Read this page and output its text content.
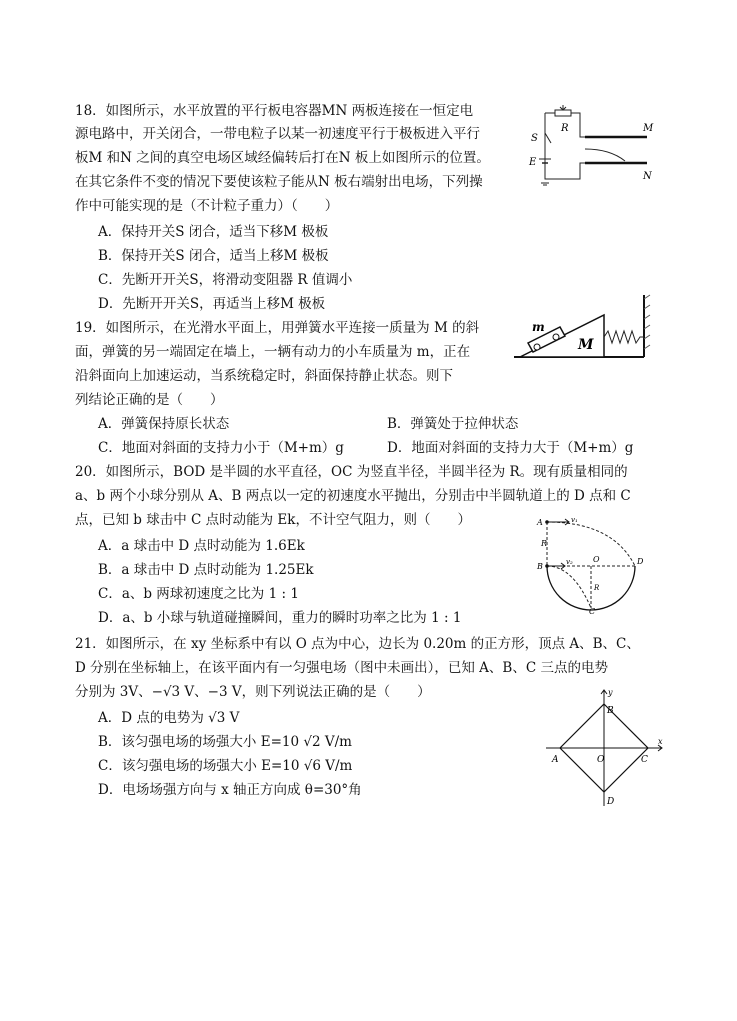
18．如图所示，水平放置的平行板电容器MN 两板连接在一恒定电
源电路中，开关闭合，一带电粒子以某一初速度平行于极板进入平行
板M 和N 之间的真空电场区域经偏转后打在N 板上如图所示的位置。
在其它条件不变的情况下要使该粒子能从N 板右端射出电场，下列操
作中可能实现的是（不计粒子重力）（　　）
A．保持开关S 闭合，适当下移M 极板
B．保持开关S 闭合，适当上移M 极板
C．先断开开关S，将滑动变阻器 R 值调小
D．先断开开关S，再适当上移M 极板
R
S
E
M
N
19．如图所示，在光滑水平面上，用弹簧水平连接一质量为 M 的斜
面，弹簧的另一端固定在墙上，一辆有动力的小车质量为 m，正在
沿斜面向上加速运动，当系统稳定时，斜面保持静止状态。则下
列结论正确的是（　　）
A．弹簧保持原长状态	B．弹簧处于拉伸状态
C．地面对斜面的支持力小于（M+m）g	D．地面对斜面的支持力大于（M+m）g
m
M
20．如图所示，BOD 是半圆的水平直径，OC 为竖直半径，半圆半径为 R。现有质量相同的
a、b 两个小球分别从 A、B 两点以一定的初速度水平抛出，分别击中半圆轨道上的 D 点和 C
点，已知 b 球击中 C 点时动能为 Ek，不计空气阻力，则（　　）
A．a 球击中 D 点时动能为 1.6Ek
B．a 球击中 D 点时动能为 1.25Ek
C．a、b 两球初速度之比为 1 : 1
D．a、b 小球与轨道碰撞瞬间，重力的瞬时功率之比为 1 : 1
A
B
R
O	D
C
R
v₁
v₂
21．如图所示，在 xy 坐标系中有以 O 点为中心，边长为 0.20m 的正方形，顶点 A、B、C、
D 分别在坐标轴上，在该平面内有一匀强电场（图中未画出），已知 A、B、C 三点的电势
分别为 3V、−√3 V、−3 V，则下列说法正确的是（　　）
A．D 点的电势为 √3 V
B．该匀强电场的场强大小 E=10 √2 V/m
C．该匀强电场的场强大小 E=10 √6 V/m
D．电场场强方向与 x 轴正方向成 θ=30°角
y
x
A
B
C
D
O
